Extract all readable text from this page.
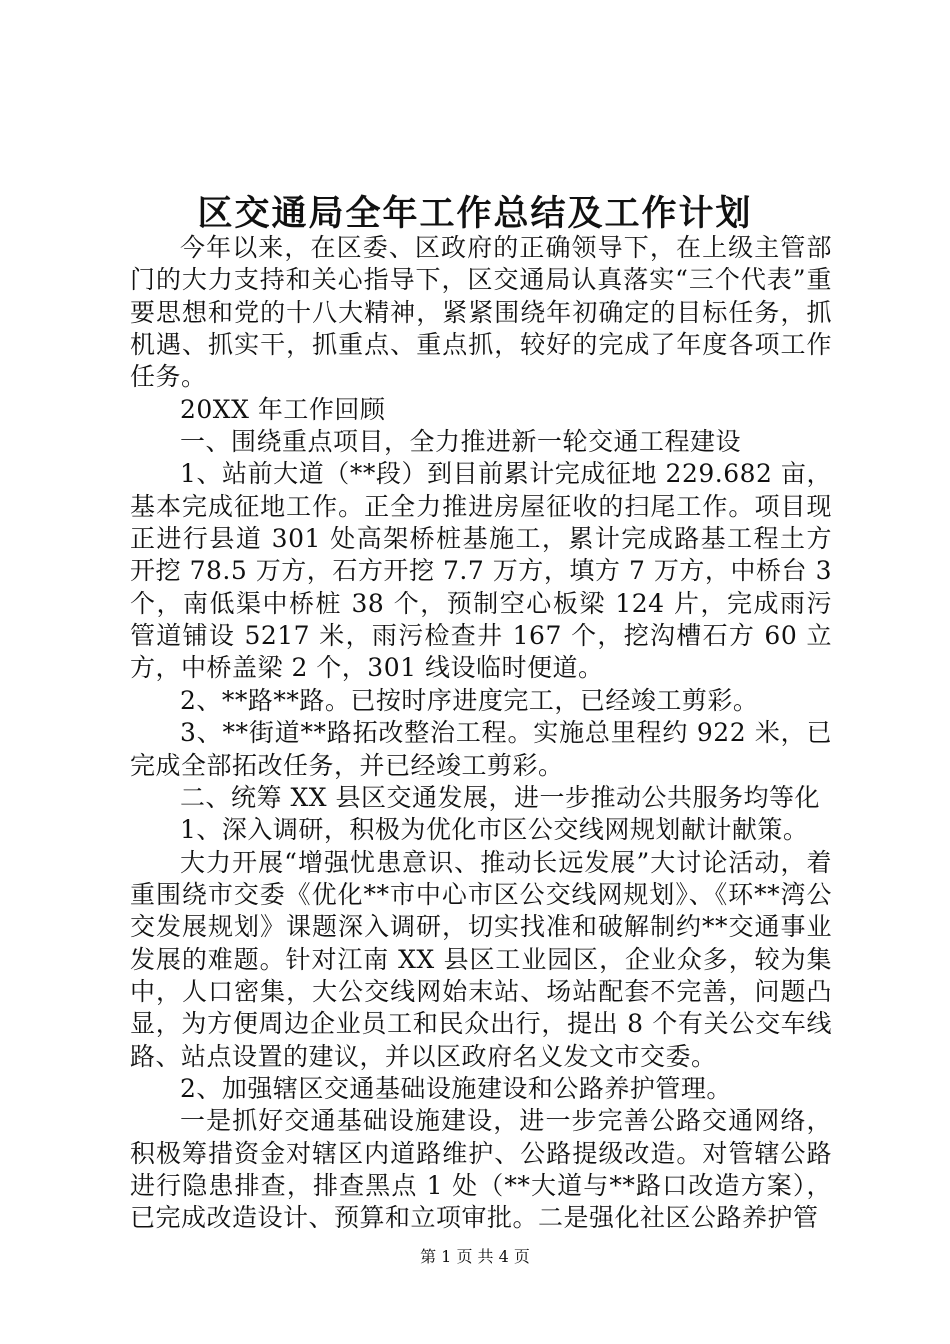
区交通局全年工作总结及工作计划

今年以来，在区委、区政府的正确领导下，在上级主管部门的大力支持和关心指导下，区交通局认真落实“三个代表”重要思想和党的十八大精神，紧紧围绕年初确定的目标任务，抓机遇、抓实干，抓重点、重点抓，较好的完成了年度各项工作任务。

20XX 年工作回顾

一、围绕重点项目，全力推进新一轮交通工程建设

1、站前大道（**段）到目前累计完成征地 229.682 亩，基本完成征地工作。正全力推进房屋征收的扫尾工作。项目现正进行县道 301 处高架桥桩基施工，累计完成路基工程土方开挖 78.5 万方，石方开挖 7.7 万方，填方 7 万方，中桥台 3 个，南低渠中桥桩 38 个，预制空心板梁 124 片，完成雨污管道铺设 5217 米，雨污检查井 167 个，挖沟槽石方 60 立方，中桥盖梁 2 个，301 线设临时便道。

2、**路**路。已按时序进度完工，已经竣工剪彩。

3、**街道**路拓改整治工程。实施总里程约 922 米，已完成全部拓改任务，并已经竣工剪彩。

二、统筹 XX 县区交通发展，进一步推动公共服务均等化

1、深入调研，积极为优化市区公交线网规划献计献策。

大力开展“增强忧患意识、推动长远发展”大讨论活动，着重围绕市交委《优化**市中心市区公交线网规划》、《环**湾公交发展规划》课题深入调研，切实找准和破解制约**交通事业发展的难题。针对江南 XX 县区工业园区，企业众多，较为集中，人口密集，大公交线网始末站、场站配套不完善，问题凸显，为方便周边企业员工和民众出行，提出 8 个有关公交车线路、站点设置的建议，并以区政府名义发文市交委。

2、加强辖区交通基础设施建设和公路养护管理。

一是抓好交通基础设施建设，进一步完善公路交通网络，积极筹措资金对辖区内道路维护、公路提级改造。对管辖公路进行隐患排查，排查黑点 1 处（**大道与**路口改造方案），已完成改造设计、预算和立项审批。二是强化社区公路养护管

第 1 页 共 4 页
